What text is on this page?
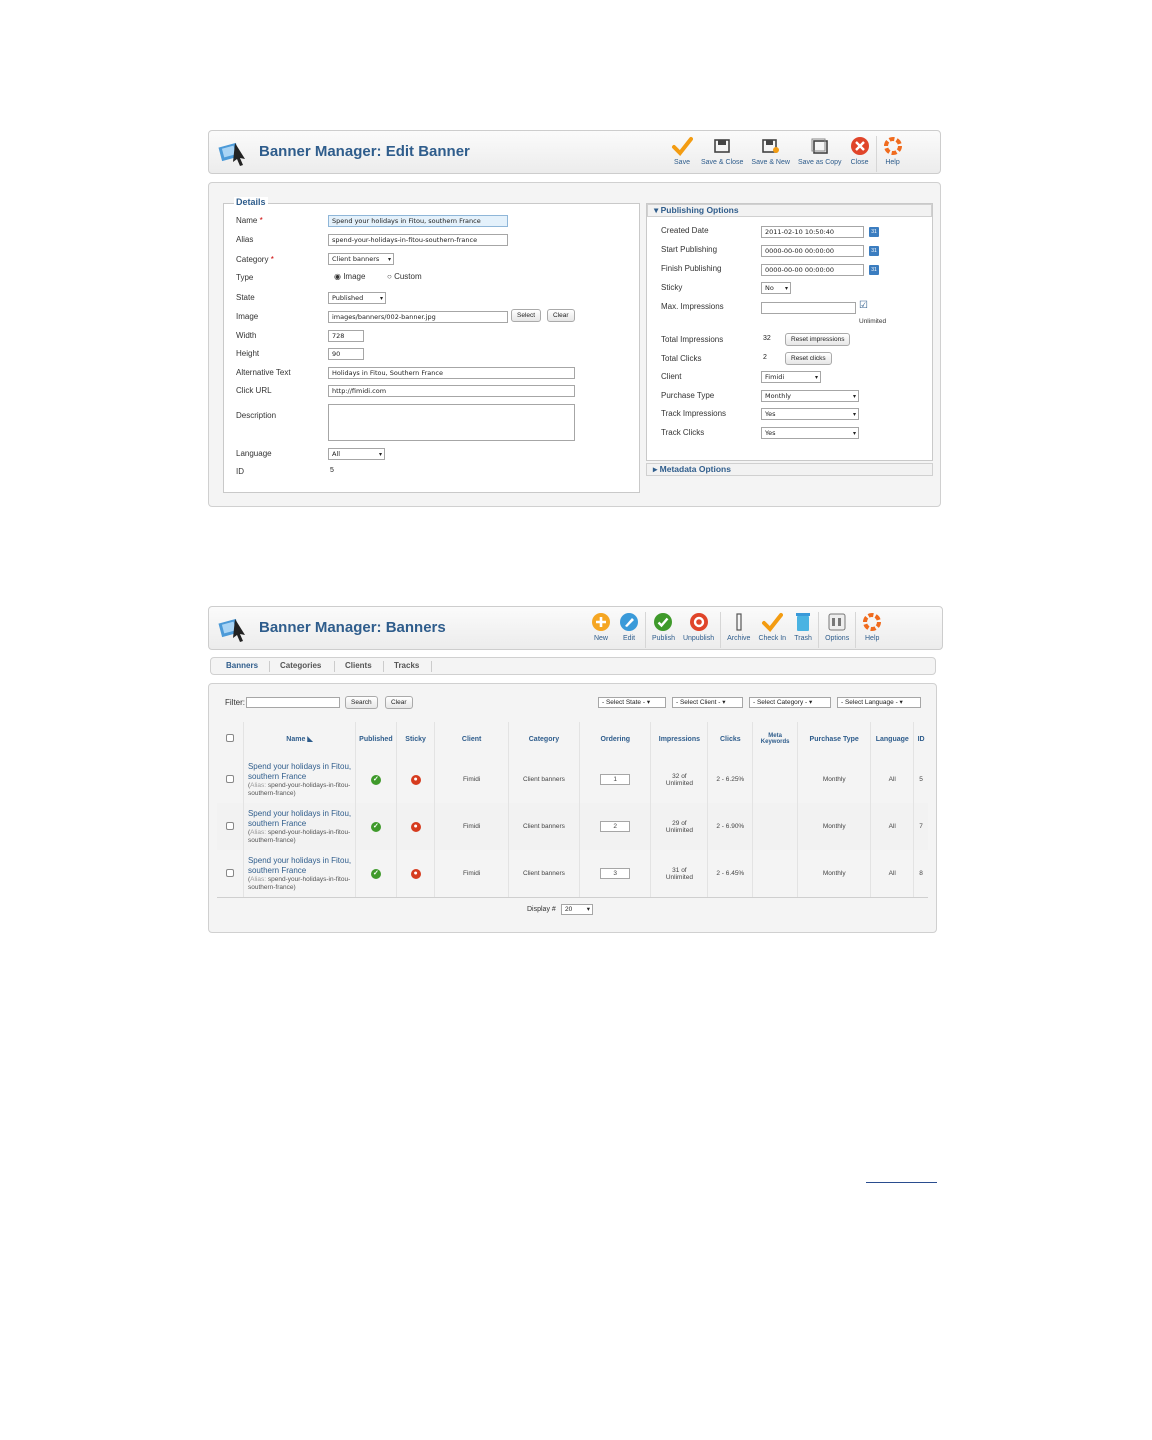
Banner Manager: Edit Banner
Save Save & Close Save & New Save as Copy Close Help
Details
Name *	Spend your holidays in Fitou, southern France
Alias	spend-your-holidays-in-fitou-southern-france
Category *	Client banners ▾
Type	◉ Image	○ Custom
State	Published	▾
Image	images/banners/002-banner.jpg	Select	Clear
Width	728
Height	90
Alternative Text	Holidays in Fitou, Southern France
Click URL	http://fimidi.com
Description
Language	All	▾
ID	5
▾ Publishing Options
Created Date	2011-02-10 10:50:40	31
Start Publishing	0000-00-00 00:00:00	31
Finish Publishing	0000-00-00 00:00:00	31
Sticky	No ▾
Max. Impressions	☑
Unlimited
Total Impressions	32	Reset impressions
Total Clicks	2	Reset clicks
Client	Fimidi	▾
Purchase Type	Monthly	▾
Track Impressions	Yes	▾
Track Clicks	Yes	▾
▸ Metadata Options
Banner Manager: Banners
New Edit Publish Unpublish Archive Check In Trash Options Help
Banners	Categories	Clients	Tracks
Filter:	Search	Clear	- Select State - ▾	- Select Client - ▾	- Select Category - ▾	- Select Language - ▾
	Name ◣	Published	Sticky	Client	Category	Ordering	Impressions	Clicks	Meta Keywords	Purchase Type	Language	ID

	Spend your holidays in Fitou, southern France
(Alias: spend-your-holidays-in-fitou-southern-france)	✓	●	Fimidi	Client banners	1	32 of Unlimited	2 - 6.25%		Monthly	All	5

	Spend your holidays in Fitou, southern France
(Alias: spend-your-holidays-in-fitou-southern-france)	✓	●	Fimidi	Client banners	2	29 of Unlimited	2 - 6.90%		Monthly	All	7

	Spend your holidays in Fitou, southern France
(Alias: spend-your-holidays-in-fitou-southern-france)	✓	●	Fimidi	Client banners	3	31 of Unlimited	2 - 6.45%		Monthly	All	8
Display #	20 ▾
